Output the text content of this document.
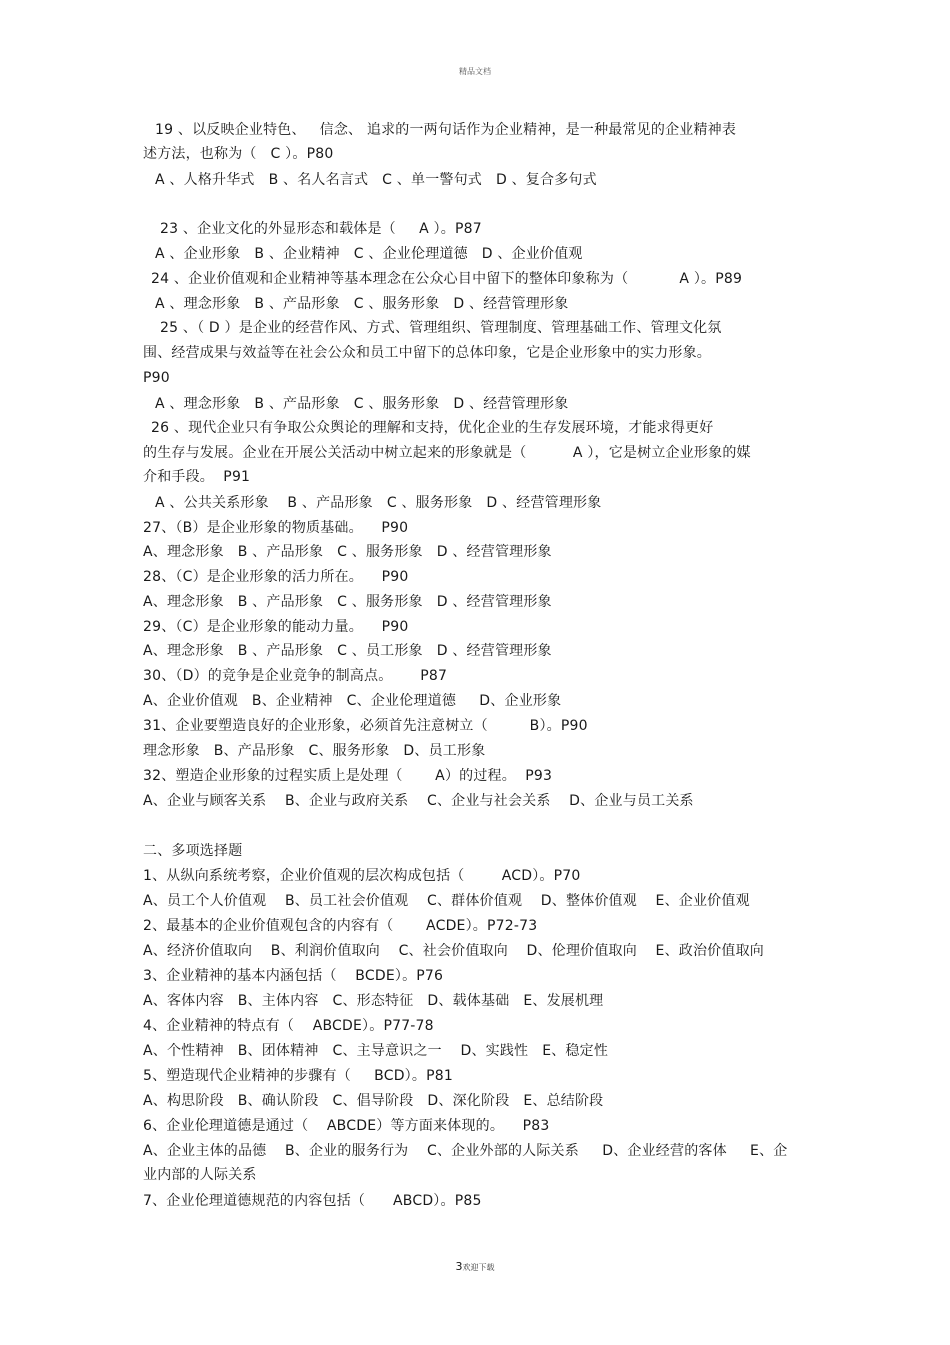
精品文档
19 、以反映企业特色、   信念、 追求的一两句话作为企业精神，是一种最常见的企业精神表
述方法，也称为（   C ）。P80
A 、人格升华式   B 、名人名言式   C 、单一警句式   D 、复合多句式
23 、企业文化的外显形态和载体是（     A ）。P87
A 、企业形象   B 、企业精神   C 、企业伦理道德   D 、企业价值观
24 、企业价值观和企业精神等基本理念在公众心目中留下的整体印象称为（           A ）。P89
A 、理念形象   B 、产品形象   C 、服务形象   D 、经营管理形象
25 、（ D ）是企业的经营作风、方式、管理组织、管理制度、管理基础工作、管理文化氛
围、经营成果与效益等在社会公众和员工中留下的总体印象，它是企业形象中的实力形象。
P90
A 、理念形象   B 、产品形象   C 、服务形象   D 、经营管理形象
26 、现代企业只有争取公众舆论的理解和支持，优化企业的生存发展环境，才能求得更好
的生存与发展。企业在开展公关活动中树立起来的形象就是（          A ），它是树立企业形象的媒
介和手段。  P91
A 、公共关系形象    B 、产品形象   C 、服务形象   D 、经营管理形象
27、（B）是企业形象的物质基础。    P90
A、理念形象   B 、产品形象   C 、服务形象   D 、经营管理形象
28、（C）是企业形象的活力所在。    P90
A、理念形象   B 、产品形象   C 、服务形象   D 、经营管理形象
29、（C）是企业形象的能动力量。    P90
A、理念形象   B 、产品形象   C 、员工形象   D 、经营管理形象
30、（D）的竞争是企业竞争的制高点。      P87
A、企业价值观   B、企业精神   C、企业伦理道德     D、企业形象
31、企业要塑造良好的企业形象，必须首先注意树立（         B）。P90
理念形象   B、产品形象   C、服务形象   D、员工形象
32、塑造企业形象的过程实质上是处理（       A）的过程。  P93
A、企业与顾客关系    B、企业与政府关系    C、企业与社会关系    D、企业与员工关系
二、多项选择题
1、从纵向系统考察，企业价值观的层次构成包括（        ACD）。P70
A、员工个人价值观    B、员工社会价值观    C、群体价值观    D、整体价值观    E、企业价值观
2、最基本的企业价值观包含的内容有（       ACDE）。P72-73
A、经济价值取向    B、利润价值取向    C、社会价值取向    D、伦理价值取向    E、政治价值取向
3、企业精神的基本内涵包括（    BCDE）。P76
A、客体内容   B、主体内容   C、形态特征   D、载体基础   E、发展机理
4、企业精神的特点有（    ABCDE）。P77-78
A、个性精神   B、团体精神   C、主导意识之一    D、实践性   E、稳定性
5、塑造现代企业精神的步骤有（     BCD）。P81
A、构思阶段   B、确认阶段   C、倡导阶段   D、深化阶段   E、总结阶段
6、企业伦理道德是通过（    ABCDE）等方面来体现的。    P83
A、企业主体的品德    B、企业的服务行为    C、企业外部的人际关系     D、企业经营的客体     E、企
业内部的人际关系
7、企业伦理道德规范的内容包括（      ABCD）。P85
3欢迎下载
